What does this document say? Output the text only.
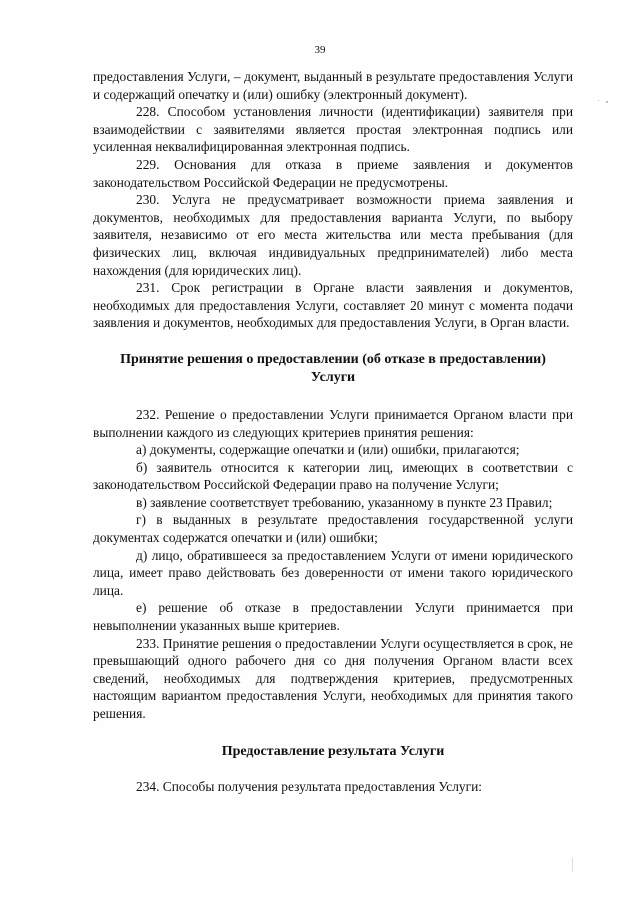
39

предоставления Услуги, – документ, выданный в результате предоставления Услуги и содержащий опечатку и (или) ошибку (электронный документ).

228. Способом установления личности (идентификации) заявителя при взаимодействии с заявителями является простая электронная подпись или усиленная неквалифицированная электронная подпись.

229. Основания для отказа в приеме заявления и документов законодательством Российской Федерации не предусмотрены.

230. Услуга не предусматривает возможности приема заявления и документов, необходимых для предоставления варианта Услуги, по выбору заявителя, независимо от его места жительства или места пребывания (для физических лиц, включая индивидуальных предпринимателей) либо места нахождения (для юридических лиц).

231. Срок регистрации в Органе власти заявления и документов, необходимых для предоставления Услуги, составляет 20 минут с момента подачи заявления и документов, необходимых для предоставления Услуги, в Орган власти.

Принятие решения о предоставлении (об отказе в предоставлении) Услуги

232. Решение о предоставлении Услуги принимается Органом власти при выполнении каждого из следующих критериев принятия решения:

а) документы, содержащие опечатки и (или) ошибки, прилагаются;

б) заявитель относится к категории лиц, имеющих в соответствии с законодательством Российской Федерации право на получение Услуги;

в) заявление соответствует требованию, указанному в пункте 23 Правил;

г) в выданных в результате предоставления государственной услуги документах содержатся опечатки и (или) ошибки;

д) лицо, обратившееся за предоставлением Услуги от имени юридического лица, имеет право действовать без доверенности от имени такого юридического лица.

е) решение об отказе в предоставлении Услуги принимается при невыполнении указанных выше критериев.

233. Принятие решения о предоставлении Услуги осуществляется в срок, не превышающий одного рабочего дня со дня получения Органом власти всех сведений, необходимых для подтверждения критериев, предусмотренных настоящим вариантом предоставления Услуги, необходимых для принятия такого решения.

Предоставление результата Услуги

234. Способы получения результата предоставления Услуги:
